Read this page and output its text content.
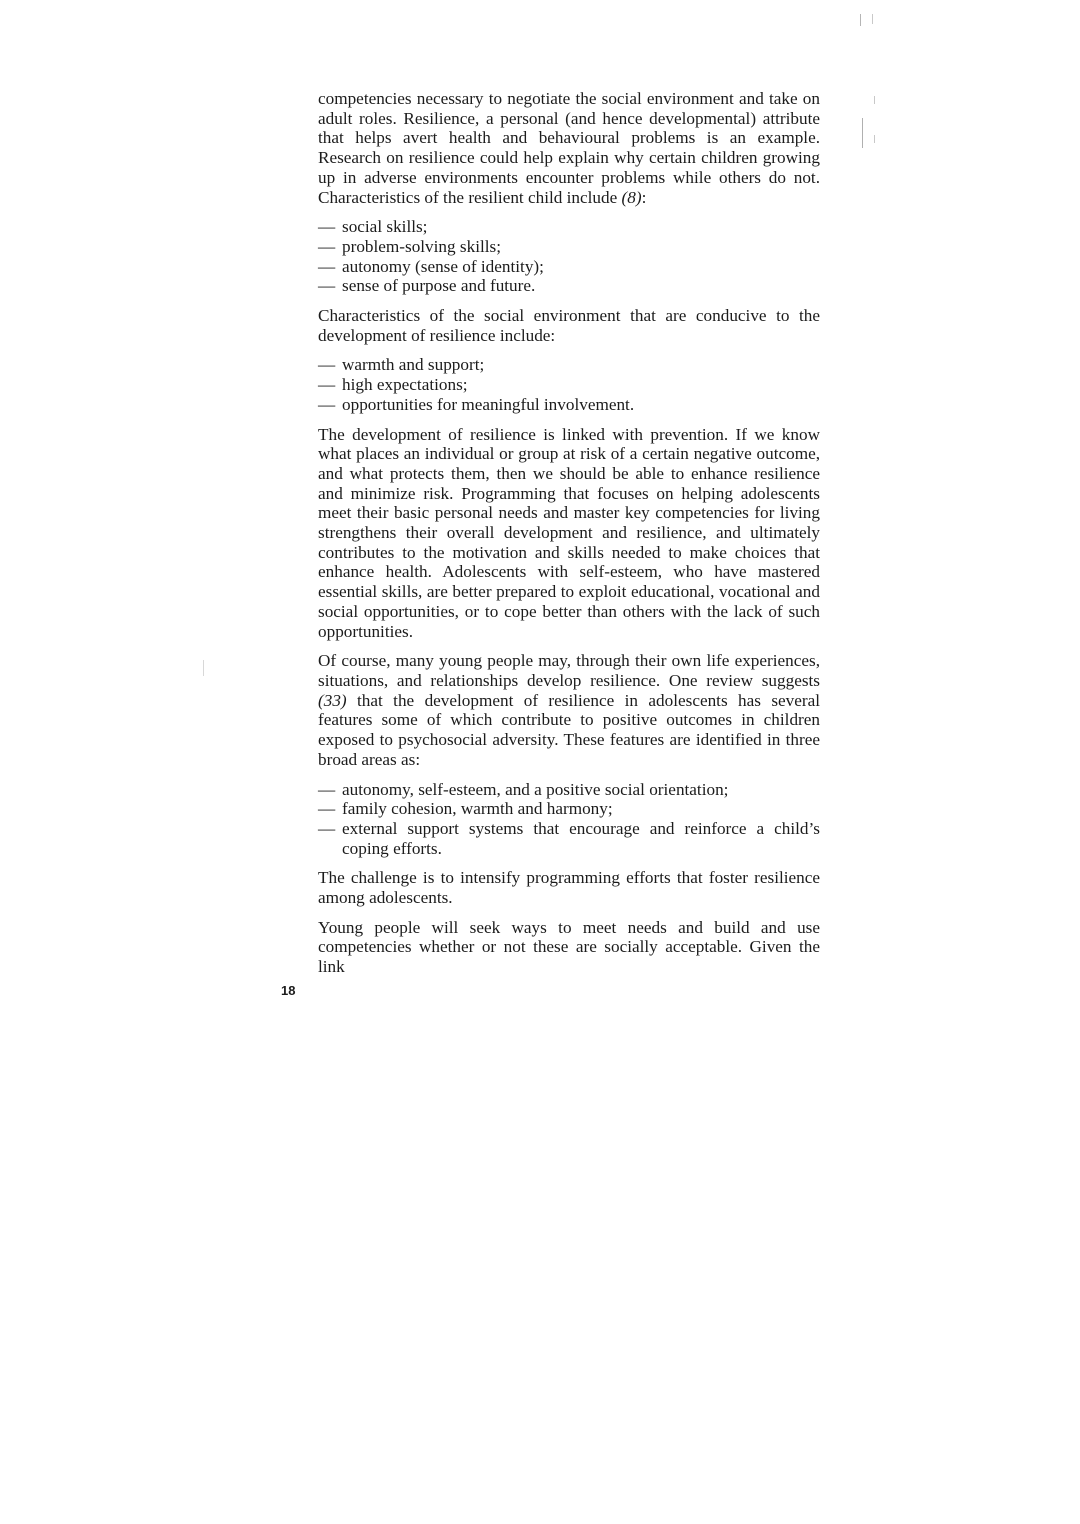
competencies necessary to negotiate the social environment and take on adult roles. Resilience, a personal (and hence developmental) attribute that helps avert health and behavioural problems is an example. Research on resilience could help explain why certain children growing up in adverse environments encounter problems while others do not. Characteristics of the resilient child include (8):

— social skills;
— problem-solving skills;
— autonomy (sense of identity);
— sense of purpose and future.

Characteristics of the social environment that are conducive to the development of resilience include:

— warmth and support;
— high expectations;
— opportunities for meaningful involvement.

The development of resilience is linked with prevention. If we know what places an individual or group at risk of a certain negative outcome, and what protects them, then we should be able to enhance resilience and minimize risk. Programming that focuses on helping adolescents meet their basic personal needs and master key competencies for living strengthens their overall development and resilience, and ultimately contributes to the motivation and skills needed to make choices that enhance health. Adolescents with self-esteem, who have mastered essential skills, are better prepared to exploit educational, vocational and social opportunities, or to cope better than others with the lack of such opportunities.

Of course, many young people may, through their own life experiences, situations, and relationships develop resilience. One review suggests (33) that the development of resilience in adolescents has several features some of which contribute to positive outcomes in children exposed to psychosocial adversity. These features are identified in three broad areas as:

— autonomy, self-esteem, and a positive social orientation;
— family cohesion, warmth and harmony;
— external support systems that encourage and reinforce a child’s coping efforts.

The challenge is to intensify programming efforts that foster resilience among adolescents.

Young people will seek ways to meet needs and build and use competencies whether or not these are socially acceptable. Given the link

18
